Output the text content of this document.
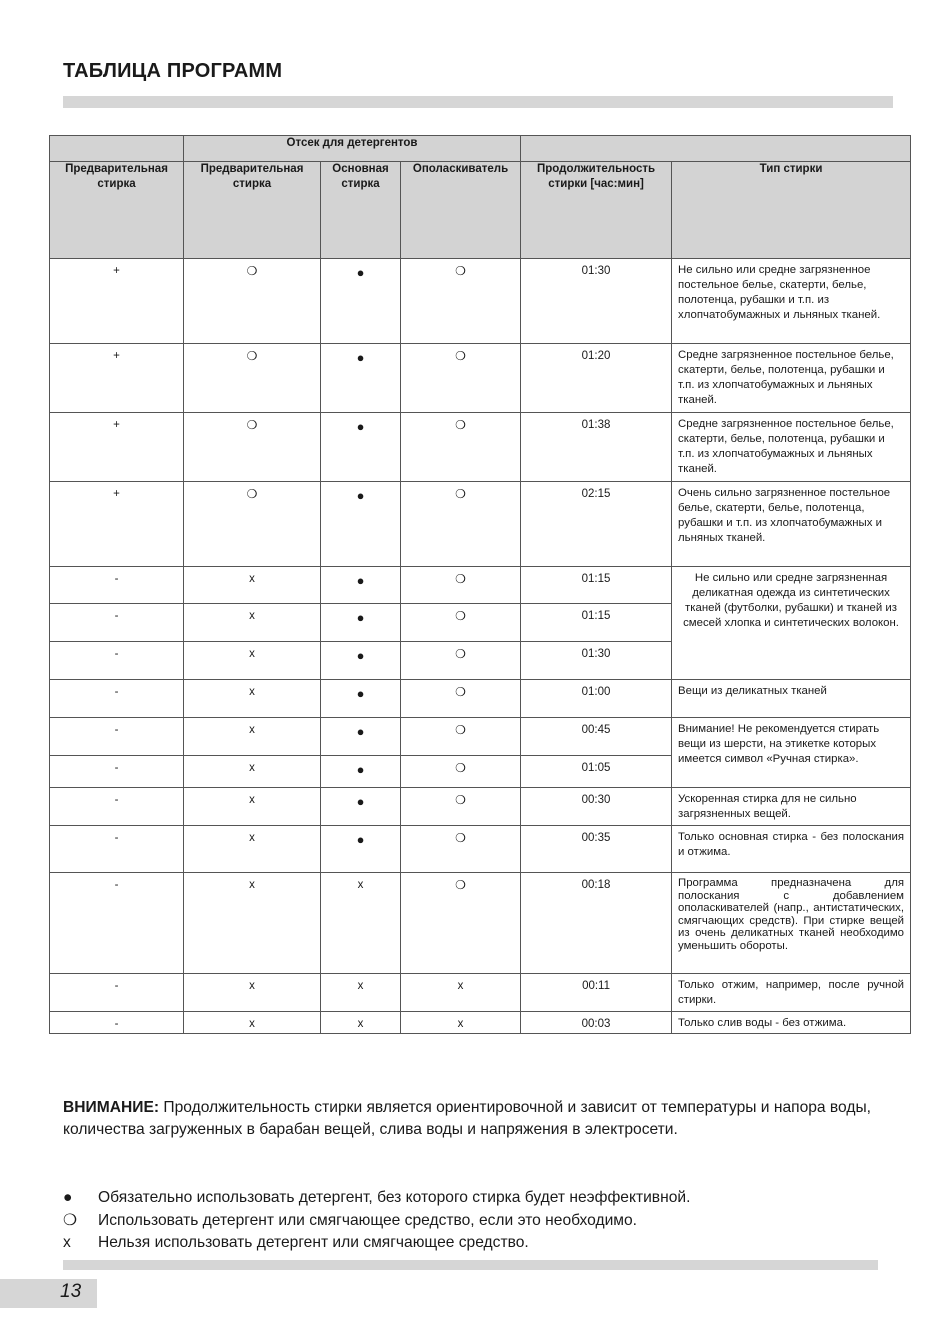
ТАБЛИЦА ПРОГРАММ
	Отсек для детергентов				
Предварительная стирка	Предварительная стирка	Основная стирка	Ополаскиватель	Продолжительность стирки [час:мин]	Тип стирки
+	❍	●	❍	01:30	Не сильно или средне загрязненное постельное белье, скатерти, белье, полотенца, рубашки и т.п. из хлопчатобумажных и льняных тканей.
+	❍	●	❍	01:20	Средне загрязненное постельное белье, скатерти, белье, полотенца, рубашки и т.п. из хлопчатобумажных и льняных тканей.
+	❍	●	❍	01:38	Средне загрязненное постельное белье, скатерти, белье, полотенца, рубашки и т.п. из хлопчатобумажных и льняных тканей.
+	❍	●	❍	02:15	Очень сильно загрязненное постельное белье, скатерти, белье, полотенца, рубашки и т.п. из хлопчатобумажных и льняных тканей.
-	x	●	❍	01:15	Не сильно или средне загрязненная деликатная одежда из синтетических тканей (футболки, рубашки) и тканей из смесей хлопка и синтетических волокон.
-	x	●	❍	01:15	
-	x	●	❍	01:30	
-	x	●	❍	01:00	Вещи из деликатных тканей
-	x	●	❍	00:45	Внимание! Не рекомендуется стирать вещи из шерсти, на этикетке которых имеется символ «Ручная стирка».
-	x	●	❍	01:05	
-	x	●	❍	00:30	Ускоренная стирка для не сильно загрязненных вещей.
-	x	●	❍	00:35	Только основная стирка - без полоскания и отжима.
-	x	x	❍	00:18	Программа предназначена для полоскания с добавлением ополаскивателей (напр., антистатических, смягчающих средств). При стирке вещей из очень деликатных тканей необходимо уменьшить обороты.
-	x	x	x	00:11	Только отжим, например, после ручной стирки.
-	x	x	x	00:03	Только слив воды - без отжима.

ВНИМАНИЕ: Продолжительность стирки является ориентировочной и зависит от температуры и напора воды, количества загруженных в барабан вещей, слива воды и напряжения в электросети.

●	Обязательно использовать детергент, без которого стирка будет неэффективной.
❍	Использовать детергент или смягчающее средство, если это необходимо.
x	Нельзя использовать детергент или смягчающее средство.
13
